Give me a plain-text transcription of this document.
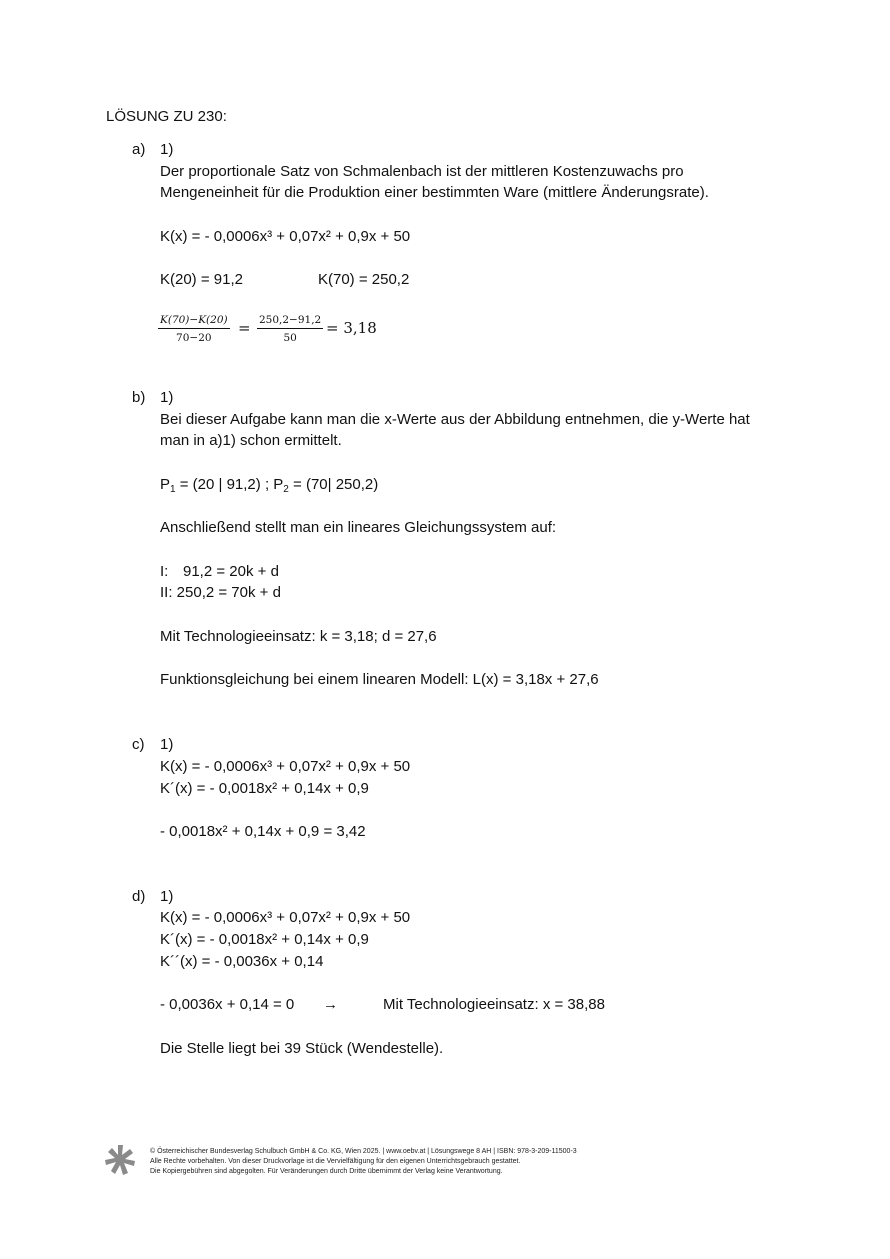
LÖSUNG ZU 230:
a) 1)
Der proportionale Satz von Schmalenbach ist der mittleren Kostenzuwachs pro
Mengeneinheit für die Produktion einer bestimmten Ware (mittlere Änderungsrate).
K(x) = - 0,0006x³ + 0,07x² + 0,9x + 50
K(20) = 91,2	K(70) = 250,2
$\frac{K(70)-K(20)}{70-20} = \frac{250,2-91,2}{50} = 3,18$
b) 1)
Bei dieser Aufgabe kann man die x-Werte aus der Abbildung entnehmen, die y-Werte hat
man in a)1) schon ermittelt.
$P_1 = (20$ | 91,2) ; $P_2 = (70|$ 250,2)
Anschließend stellt man ein lineares Gleichungssystem auf:
I: 91,2 = 20k + d
II: 250,2 = 70k + d
Mit Technologieeinsatz: k = 3,18; d = 27,6
Funktionsgleichung bei einem linearen Modell: L(x) = 3,18x + 27,6
c) 1)
K(x) = - 0,0006x³ + 0,07x² + 0,9x + 50
K´(x) = - 0,0018x² + 0,14x + 0,9
- 0,0018x² + 0,14x + 0,9 = 3,42
d) 1)
K(x) = - 0,0006x³ + 0,07x² + 0,9x + 50
K´(x) = - 0,0018x² + 0,14x + 0,9
K´´(x) = - 0,0036x + 0,14
- 0,0036x + 0,14 = 0 →	Mit Technologieeinsatz: x = 38,88
Die Stelle liegt bei 39 Stück (Wendestelle).
© Österreichischer Bundesverlag Schulbuch GmbH & Co. KG, Wien 2025. | www.oebv.at | Lösungswege 8 AH | ISBN: 978-3-209-11500-3
Alle Rechte vorbehalten. Von dieser Druckvorlage ist die Vervielfältigung für den eigenen Unterrichtsgebrauch gestattet.
Die Kopiergebühren sind abgegolten. Für Veränderungen durch Dritte übernimmt der Verlag keine Verantwortung.
